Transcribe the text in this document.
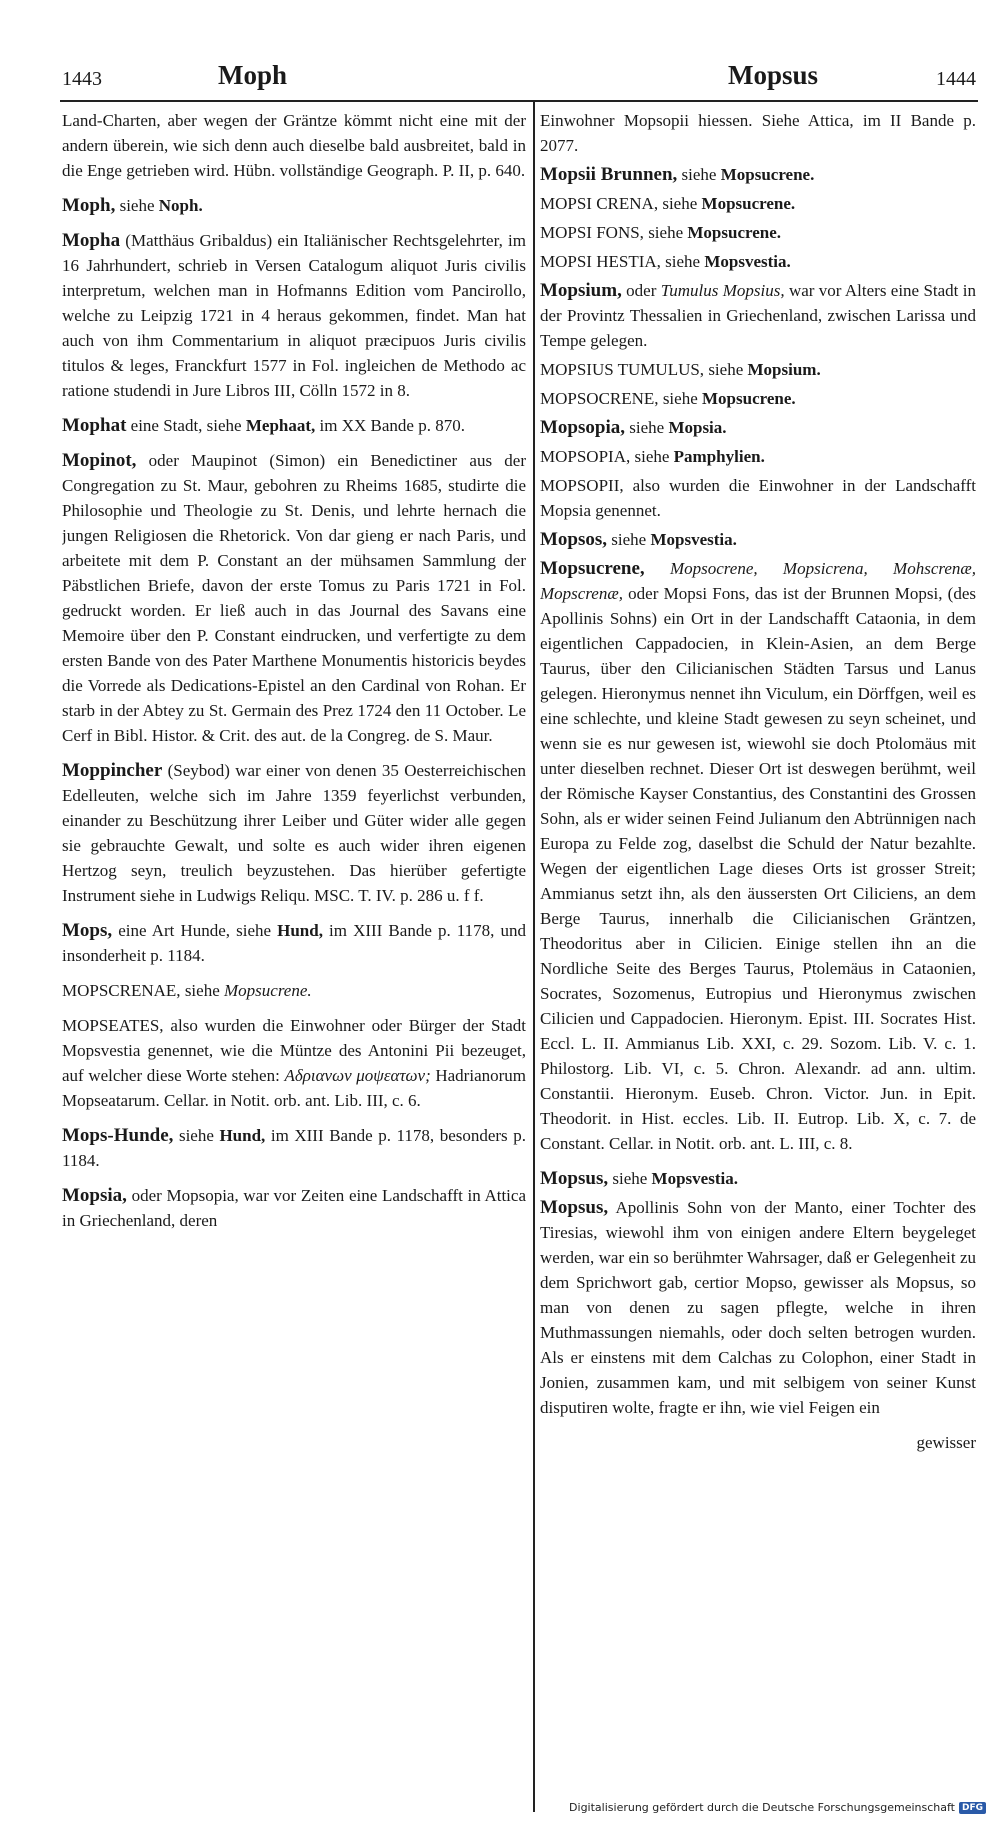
1443	Moph	Mopsus	1444

Land-Charten, aber wegen der Gräntze kömmt nicht eine mit der andern überein, wie sich denn auch dieselbe bald ausbreitet, bald in die Enge getrieben wird. Hübn. vollständige Geograph. P. II, p. 640.

Moph, siehe Noph.

Mopha (Matthäus Gribaldus) ein Italiänischer Rechtsgelehrter, im 16 Jahrhundert, schrieb in Versen Catalogum aliquot Juris civilis interpretum, welchen man in Hofmanns Edition vom Pancirollo, welche zu Leipzig 1721 in 4 heraus gekommen, findet. Man hat auch von ihm Commentarium in aliquot præcipuos Juris civilis titulos & leges, Franckfurt 1577 in Fol. ingleichen de Methodo ac ratione studendi in Jure Libros III, Cölln 1572 in 8.

Mophat eine Stadt, siehe Mephaat, im XX Bande p. 870.

Mopinot, oder Maupinot (Simon) ein Benedictiner aus der Congregation zu St. Maur, gebohren zu Rheims 1685, studirte die Philosophie und Theologie zu St. Denis, und lehrte hernach die jungen Religiosen die Rhetorick. Von dar gieng er nach Paris, und arbeitete mit dem P. Constant an der mühsamen Sammlung der Päbstlichen Briefe, davon der erste Tomus zu Paris 1721 in Fol. gedruckt worden. Er ließ auch in das Journal des Savans eine Memoire über den P. Constant eindrucken, und verfertigte zu dem ersten Bande von des Pater Marthene Monumentis historicis beydes die Vorrede als Dedications-Epistel an den Cardinal von Rohan. Er starb in der Abtey zu St. Germain des Prez 1724 den 11 October. Le Cerf in Bibl. Histor. & Crit. des aut. de la Congreg. de S. Maur.

Moppincher (Seybod) war einer von denen 35 Oesterreichischen Edelleuten, welche sich im Jahre 1359 feyerlichst verbunden, einander zu Beschützung ihrer Leiber und Güter wider alle gegen sie gebrauchte Gewalt, und solte es auch wider ihren eigenen Hertzog seyn, treulich beyzustehen. Das hierüber gefertigte Instrument siehe in Ludwigs Reliqu. MSC. T. IV. p. 286 u. f f.

Mops, eine Art Hunde, siehe Hund, im XIII Bande p. 1178, und insonderheit p. 1184.

MOPSCRENAE, siehe Mopsucrene.

MOPSEATES, also wurden die Einwohner oder Bürger der Stadt Mopsvestia genennet, wie die Müntze des Antonini Pii bezeuget, auf welcher diese Worte stehen: Αδριανων μοψεατων; Hadrianorum Mopseatarum. Cellar. in Notit. orb. ant. Lib. III, c. 6.

Mops-Hunde, siehe Hund, im XIII Bande p. 1178, besonders p. 1184.

Mopsia, oder Mopsopia, war vor Zeiten eine Landschafft in Attica in Griechenland, deren

Einwohner Mopsopii hiessen. Siehe Attica, im II Bande p. 2077.

Mopsii Brunnen, siehe Mopsucrene.

MOPSI CRENA, siehe Mopsucrene.

MOPSI FONS, siehe Mopsucrene.

MOPSI HESTIA, siehe Mopsvestia.

Mopsium, oder Tumulus Mopsius, war vor Alters eine Stadt in der Provintz Thessalien in Griechenland, zwischen Larissa und Tempe gelegen.

MOPSIUS TUMULUS, siehe Mopsium.

MOPSOCRENE, siehe Mopsucrene.

Mopsopia, siehe Mopsia.

MOPSOPIA, siehe Pamphylien.

MOPSOPII, also wurden die Einwohner in der Landschafft Mopsia genennet.

Mopsos, siehe Mopsvestia.

Mopsucrene, Mopsocrene, Mopsicrena, Mohscrenæ, Mopscrenæ, oder Mopsi Fons, das ist der Brunnen Mopsi, (des Apollinis Sohns) ein Ort in der Landschafft Cataonia, in dem eigentlichen Cappadocien, in Klein-Asien, an dem Berge Taurus, über den Cilicianischen Städten Tarsus und Lanus gelegen. Hieronymus nennet ihn Viculum, ein Dörffgen, weil es eine schlechte, und kleine Stadt gewesen zu seyn scheinet, und wenn sie es nur gewesen ist, wiewohl sie doch Ptolomäus mit unter dieselben rechnet. Dieser Ort ist deswegen berühmt, weil der Römische Kayser Constantius, des Constantini des Grossen Sohn, als er wider seinen Feind Julianum den Abtrünnigen nach Europa zu Felde zog, daselbst die Schuld der Natur bezahlte. Wegen der eigentlichen Lage dieses Orts ist grosser Streit; Ammianus setzt ihn, als den äussersten Ort Ciliciens, an dem Berge Taurus, innerhalb die Cilicianischen Gräntzen, Theodoritus aber in Cilicien. Einige stellen ihn an die Nordliche Seite des Berges Taurus, Ptolemäus in Cataonien, Socrates, Sozomenus, Eutropius und Hieronymus zwischen Cilicien und Cappadocien. Hieronym. Epist. III. Socrates Hist. Eccl. L. II. Ammianus Lib. XXI, c. 29. Sozom. Lib. V. c. 1. Philostorg. Lib. VI, c. 5. Chron. Alexandr. ad ann. ultim. Constantii. Hieronym. Euseb. Chron. Victor. Jun. in Epit. Theodorit. in Hist. eccles. Lib. II. Eutrop. Lib. X, c. 7. de Constant. Cellar. in Notit. orb. ant. L. III, c. 8.

Mopsus, siehe Mopsvestia.

Mopsus, Apollinis Sohn von der Manto, einer Tochter des Tiresias, wiewohl ihm von einigen andere Eltern beygeleget werden, war ein so berühmter Wahrsager, daß er Gelegenheit zu dem Sprichwort gab, certior Mopso, gewisser als Mopsus, so man von denen zu sagen pflegte, welche in ihren Muthmassungen niemahls, oder doch selten betrogen wurden. Als er einstens mit dem Calchas zu Colophon, einer Stadt in Jonien, zusammen kam, und mit selbigem von seiner Kunst disputiren wolte, fragte er ihn, wie viel Feigen ein

gewisser

Digitalisierung gefördert durch die Deutsche Forschungsgemeinschaft DFG
